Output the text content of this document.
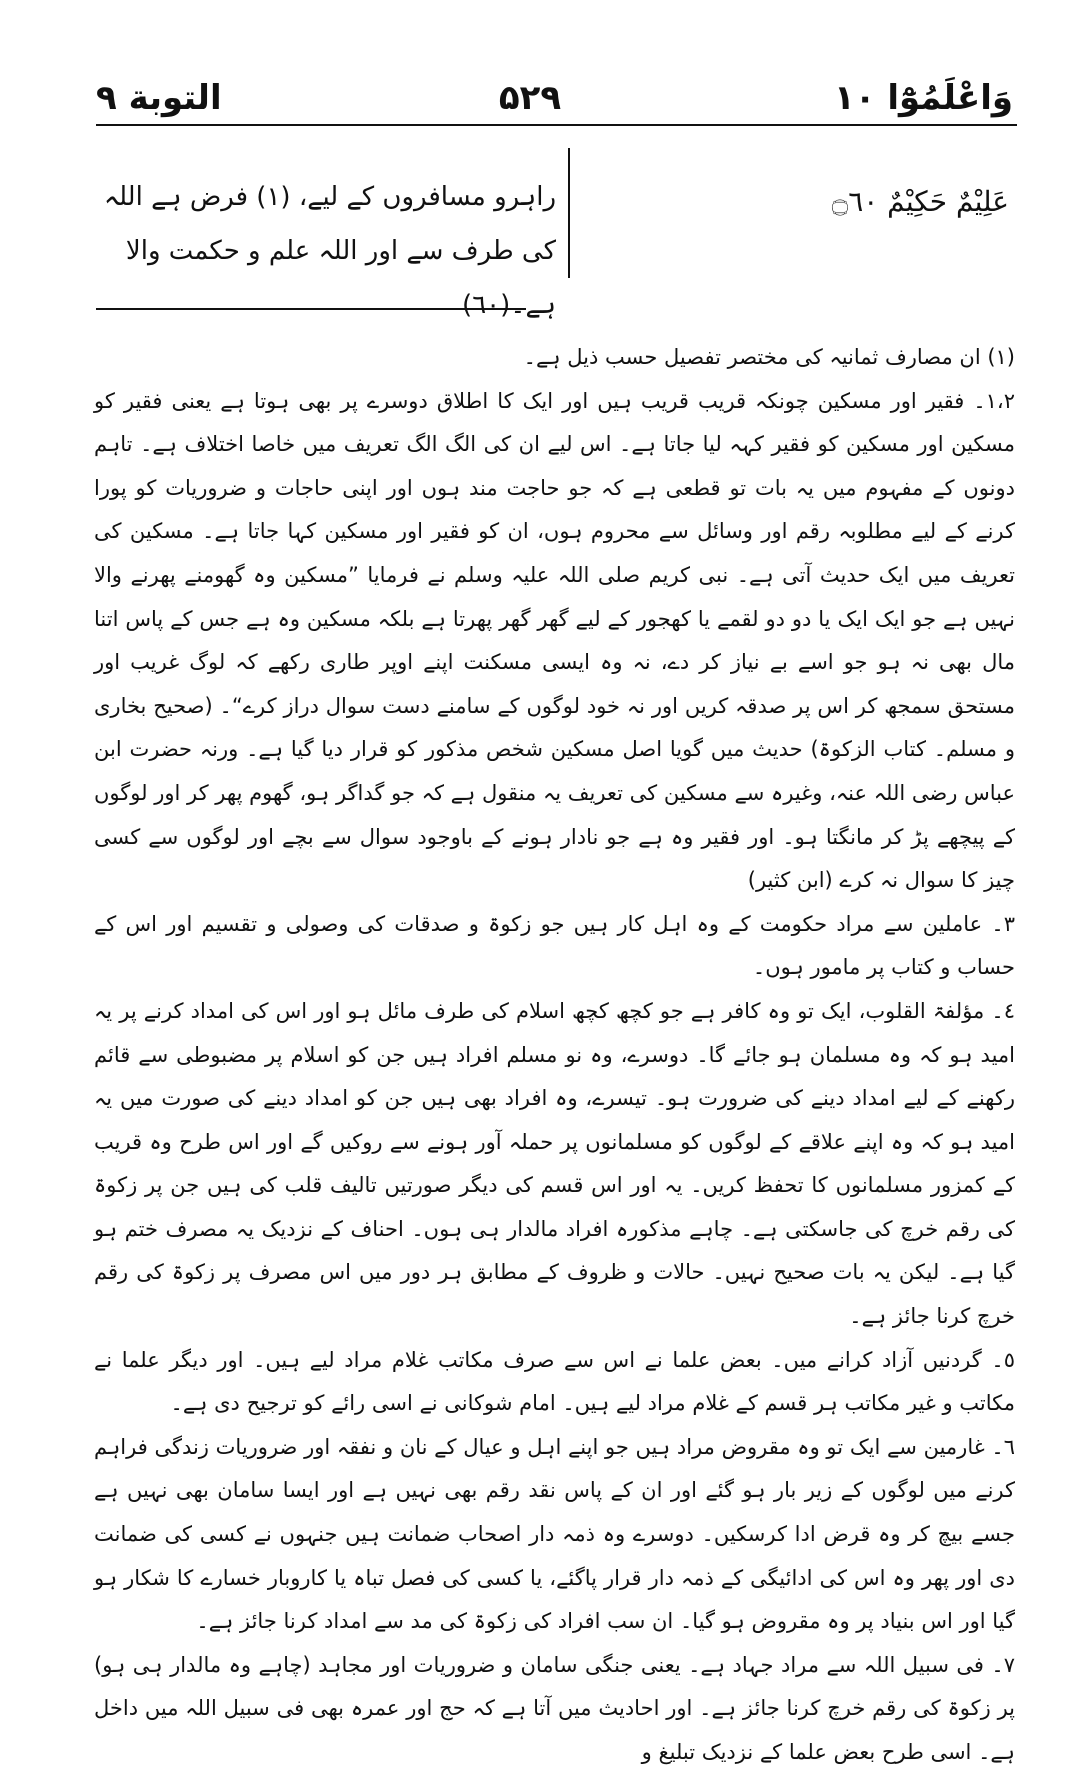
وَاعْلَمُوْٓا ١٠
۵۲۹
التوبة ٩
عَلِيْمٌ حَكِيْمٌ ۝٦٠
راہرو مسافروں کے لیے، (١) فرض ہے اللہ کی طرف سے اور اللہ علم و حکمت والا ہے۔(٦٠)

(١) ان مصارف ثمانیہ کی مختصر تفصیل حسب ذیل ہے۔

١،٢۔ فقیر اور مسکین چونکہ قریب قریب ہیں اور ایک کا اطلاق دوسرے پر بھی ہوتا ہے یعنی فقیر کو مسکین اور مسکین کو فقیر کہہ لیا جاتا ہے۔ اس لیے ان کی الگ الگ تعریف میں خاصا اختلاف ہے۔ تاہم دونوں کے مفہوم میں یہ بات تو قطعی ہے کہ جو حاجت مند ہوں اور اپنی حاجات و ضروریات کو پورا کرنے کے لیے مطلوبہ رقم اور وسائل سے محروم ہوں، ان کو فقیر اور مسکین کہا جاتا ہے۔ مسکین کی تعریف میں ایک حدیث آتی ہے۔ نبی کریم صلی اللہ علیہ وسلم نے فرمایا ”مسکین وہ گھومنے پھرنے والا نہیں ہے جو ایک ایک یا دو دو لقمے یا کھجور کے لیے گھر گھر پھرتا ہے بلکہ مسکین وہ ہے جس کے پاس اتنا مال بھی نہ ہو جو اسے بے نیاز کر دے، نہ وہ ایسی مسکنت اپنے اوپر طاری رکھے کہ لوگ غریب اور مستحق سمجھ کر اس پر صدقہ کریں اور نہ خود لوگوں کے سامنے دست سوال دراز کرے“۔ (صحیح بخاری و مسلم۔ کتاب الزکوۃ) حدیث میں گویا اصل مسکین شخص مذکور کو قرار دیا گیا ہے۔ ورنہ حضرت ابن عباس رضی اللہ عنہ، وغیرہ سے مسکین کی تعریف یہ منقول ہے کہ جو گداگر ہو، گھوم پھر کر اور لوگوں کے پیچھے پڑ کر مانگتا ہو۔ اور فقیر وہ ہے جو نادار ہونے کے باوجود سوال سے بچے اور لوگوں سے کسی چیز کا سوال نہ کرے (ابن کثیر)

٣۔ عاملین سے مراد حکومت کے وہ اہل کار ہیں جو زکوۃ و صدقات کی وصولی و تقسیم اور اس کے حساب و کتاب پر مامور ہوں۔

٤۔ مؤلفۃ القلوب، ایک تو وہ کافر ہے جو کچھ کچھ اسلام کی طرف مائل ہو اور اس کی امداد کرنے پر یہ امید ہو کہ وہ مسلمان ہو جائے گا۔ دوسرے، وہ نو مسلم افراد ہیں جن کو اسلام پر مضبوطی سے قائم رکھنے کے لیے امداد دینے کی ضرورت ہو۔ تیسرے، وہ افراد بھی ہیں جن کو امداد دینے کی صورت میں یہ امید ہو کہ وہ اپنے علاقے کے لوگوں کو مسلمانوں پر حملہ آور ہونے سے روکیں گے اور اس طرح وہ قریب کے کمزور مسلمانوں کا تحفظ کریں۔ یہ اور اس قسم کی دیگر صورتیں تالیف قلب کی ہیں جن پر زکوۃ کی رقم خرچ کی جاسکتی ہے۔ چاہے مذکورہ افراد مالدار ہی ہوں۔ احناف کے نزدیک یہ مصرف ختم ہو گیا ہے۔ لیکن یہ بات صحیح نہیں۔ حالات و ظروف کے مطابق ہر دور میں اس مصرف پر زکوۃ کی رقم خرچ کرنا جائز ہے۔

٥۔ گردنیں آزاد کرانے میں۔ بعض علما نے اس سے صرف مکاتب غلام مراد لیے ہیں۔ اور دیگر علما نے مکاتب و غیر مکاتب ہر قسم کے غلام مراد لیے ہیں۔ امام شوکانی نے اسی رائے کو ترجیح دی ہے۔

٦۔ غارمین سے ایک تو وہ مقروض مراد ہیں جو اپنے اہل و عیال کے نان و نفقہ اور ضروریات زندگی فراہم کرنے میں لوگوں کے زیر بار ہو گئے اور ان کے پاس نقد رقم بھی نہیں ہے اور ایسا سامان بھی نہیں ہے جسے بیچ کر وہ قرض ادا کرسکیں۔ دوسرے وہ ذمہ دار اصحاب ضمانت ہیں جنہوں نے کسی کی ضمانت دی اور پھر وہ اس کی ادائیگی کے ذمہ دار قرار پاگئے، یا کسی کی فصل تباہ یا کاروبار خسارے کا شکار ہو گیا اور اس بنیاد پر وہ مقروض ہو گیا۔ ان سب افراد کی زکوۃ کی مد سے امداد کرنا جائز ہے۔

٧۔ فی سبیل اللہ سے مراد جہاد ہے۔ یعنی جنگی سامان و ضروریات اور مجاہد (چاہے وہ مالدار ہی ہو) پر زکوۃ کی رقم خرچ کرنا جائز ہے۔ اور احادیث میں آتا ہے کہ حج اور عمرہ بھی فی سبیل اللہ میں داخل ہے۔ اسی طرح بعض علما کے نزدیک تبلیغ و
